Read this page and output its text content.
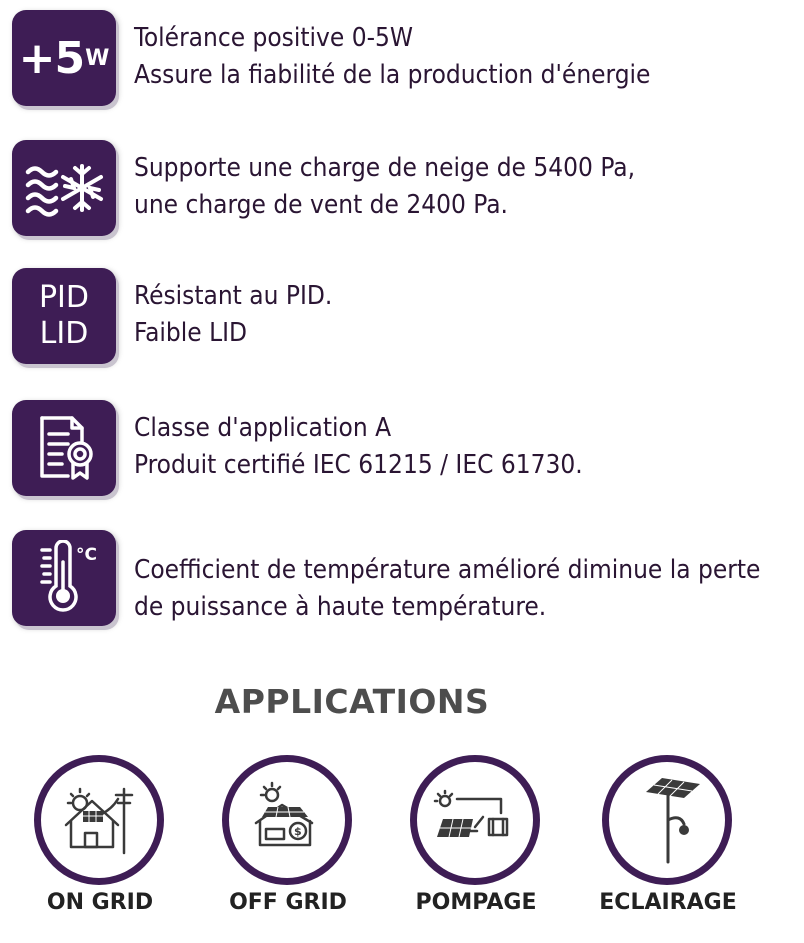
+5 W
Tolérance positive 0-5W
Assure la fiabilité de la production d'énergie
Supporte une charge de neige de 5400 Pa,
une charge de vent de 2400 Pa.
PID
LID
Résistant au PID.
Faible LID
Classe d'application A
Produit certifié IEC 61215 / IEC 61730.
°C Coefficient de température amélioré diminue la perte
de puissance à haute température.
APPLICATIONS
ON GRID
$
OFF GRID	POMPAGE	ECLAIRAGE
